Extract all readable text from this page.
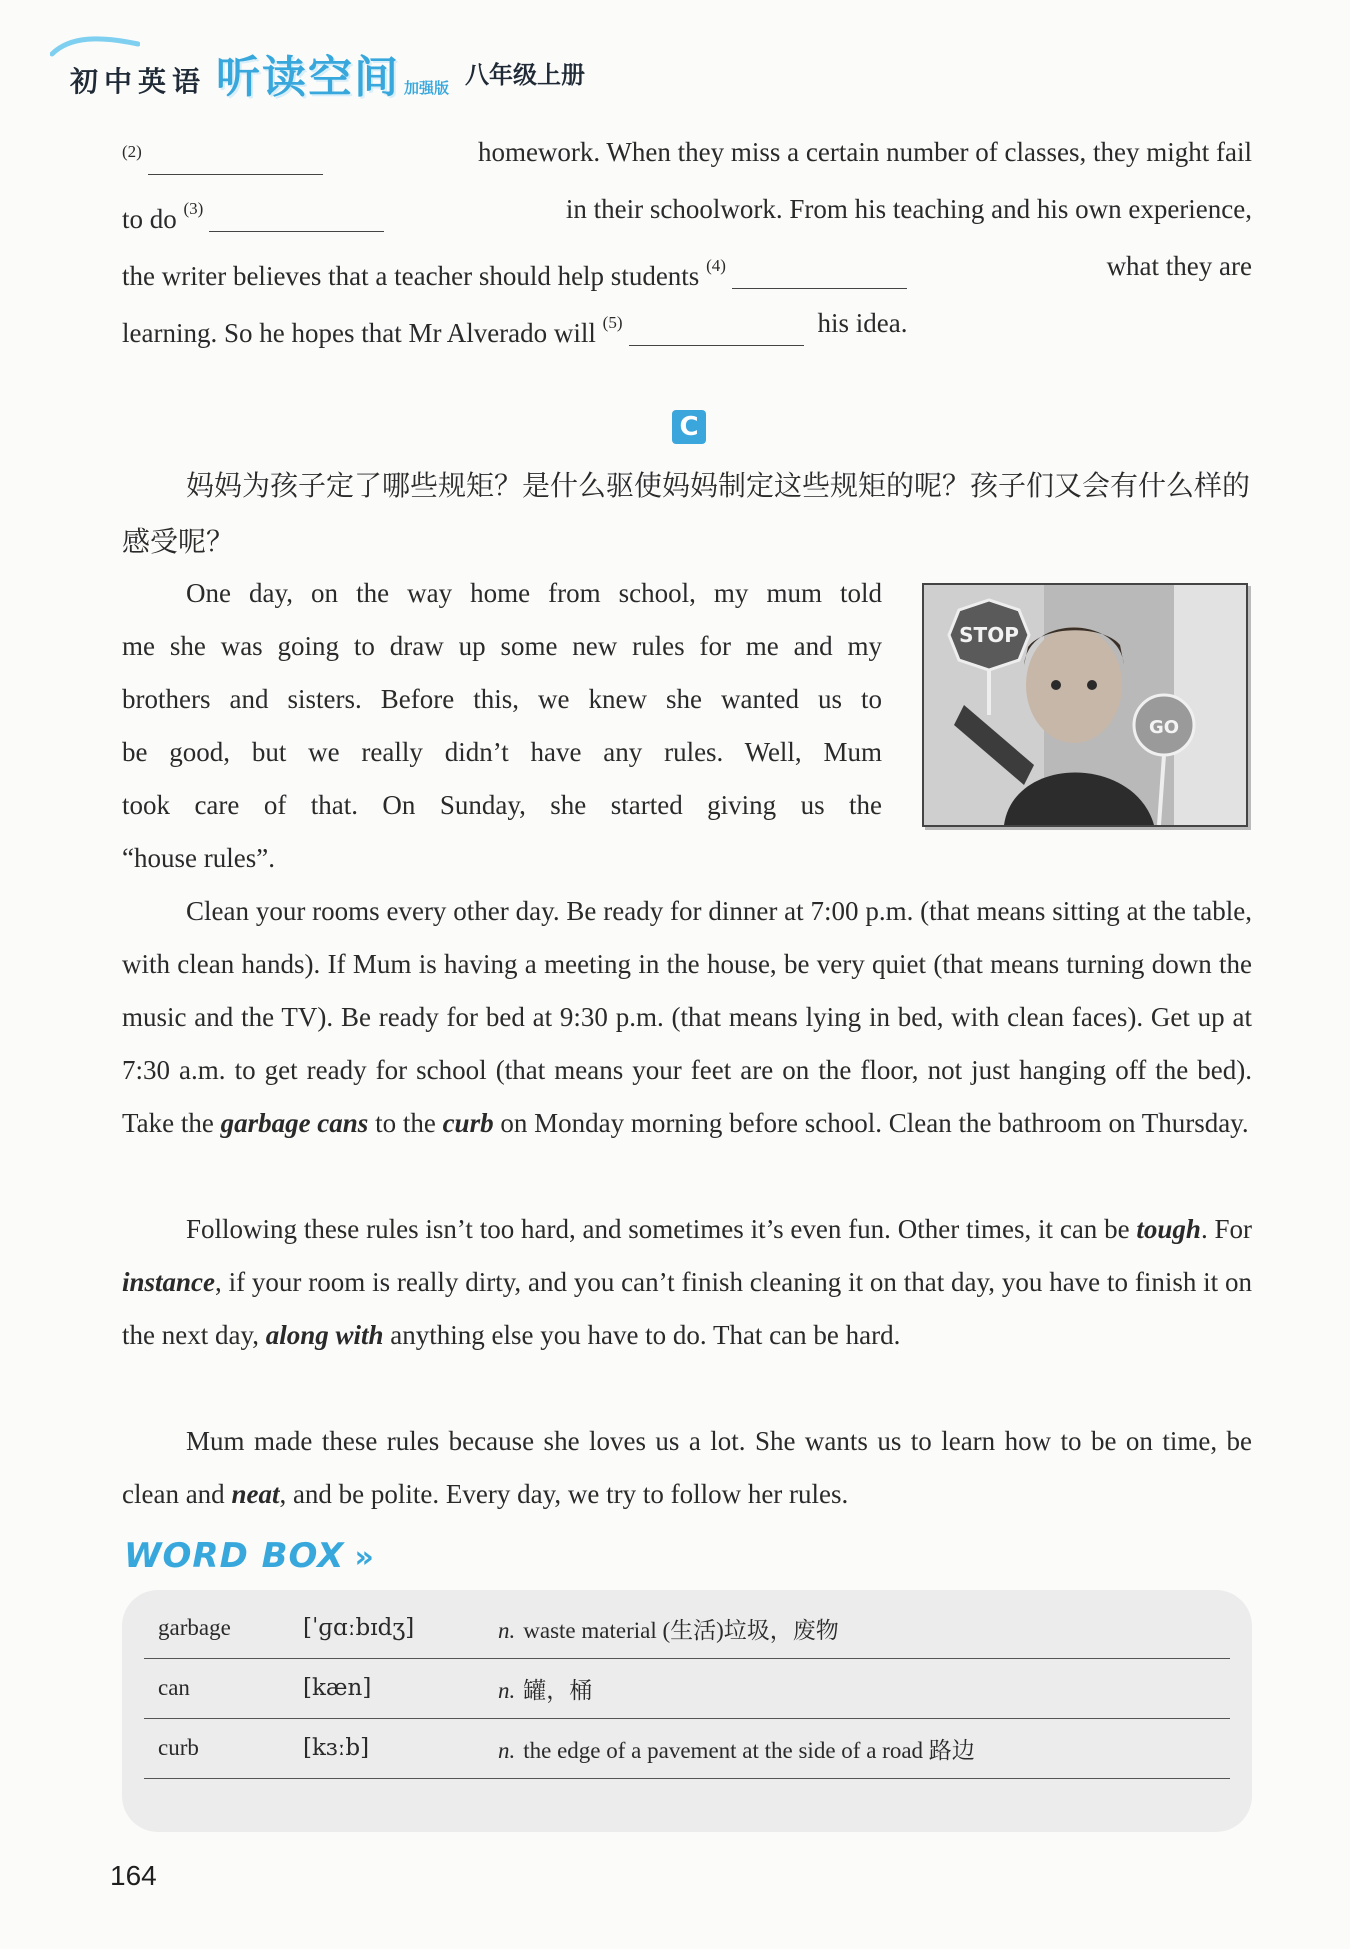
初中英语 听读空间 加强版 八年级上册
$^{(2)}$	homework. When they miss a certain number of classes, they might fail
to do $^{(3)}$	in their schoolwork. From his teaching and his own experience,
the writer believes that a teacher should help students $^{(4)}$	what they are
learning. So he hopes that Mr Alverado will $^{(5)}$	his idea.
C
妈妈为孩子定了哪些规矩？是什么驱使妈妈制定这些规矩的呢？孩子们又会有什么样的感受呢？
STOP
GO
One day, on the way home from school, my mum told
me she was going to draw up some new rules for me and my
brothers and sisters. Before this, we knew she wanted us to
be good, but we really didn’t have any rules. Well, Mum
took care of that. On Sunday, she started giving us the
“house rules”.
Clean your rooms every other day. Be ready for dinner at 7:00 p.m. (that means sitting at the table, with clean hands). If Mum is having a meeting in the house, be very quiet (that means turning down the music and the TV). Be ready for bed at 9:30 p.m. (that means lying in bed, with clean faces). Get up at 7:30 a.m. to get ready for school (that means your feet are on the floor, not just hanging off the bed). Take the garbage cans to the curb on Monday morning before school. Clean the bathroom on Thursday.
Following these rules isn’t too hard, and sometimes it’s even fun. Other times, it can be tough. For instance, if your room is really dirty, and you can’t finish cleaning it on that day, you have to finish it on the next day, along with anything else you have to do. That can be hard.
Mum made these rules because she loves us a lot. She wants us to learn how to be on time, be clean and neat, and be polite. Every day, we try to follow her rules.
WORD BOX »
garbage	[ˈɡɑːbɪdʒ]	n. waste material (生活)垃圾，废物
can	[kæn]	n. 罐，桶
curb	[kɜːb]	n. the edge of a pavement at the side of a road 路边
164
